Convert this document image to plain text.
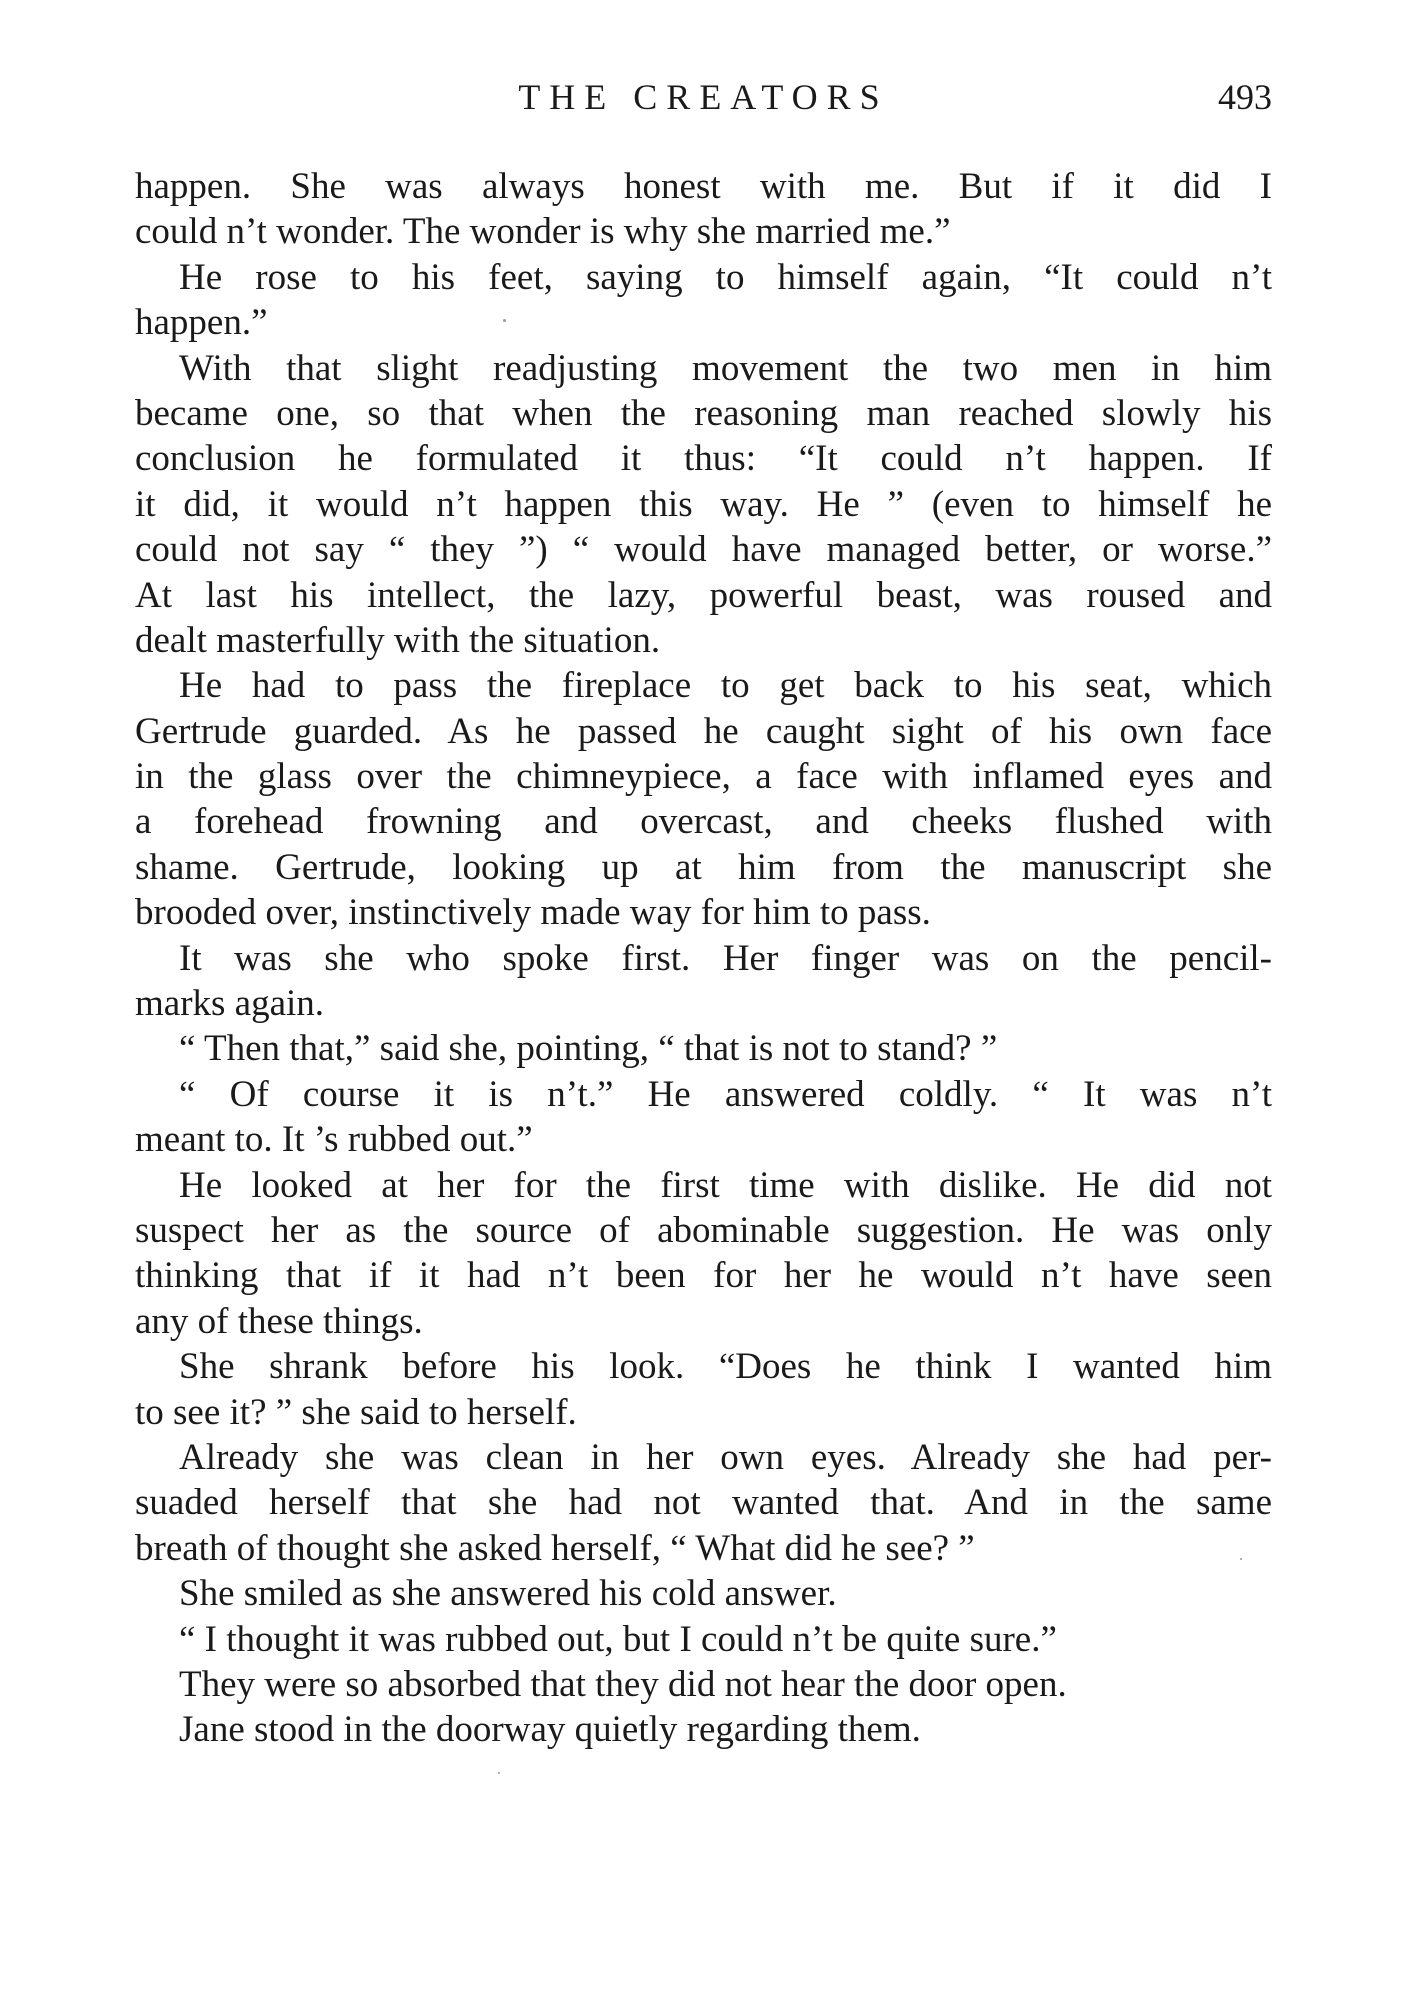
THE CREATORS	493
happen. She was always honest with me. But if it did I
could n’t wonder. The wonder is why she married me.”
He rose to his feet, saying to himself again, “It could n’t
happen.”
With that slight readjusting movement the two men in him
became one, so that when the reasoning man reached slowly his
conclusion he formulated it thus: “It could n’t happen. If
it did, it would n’t happen this way. He ” (even to himself he
could not say “ they ”) “ would have managed better, or worse.”
At last his intellect, the lazy, powerful beast, was roused and
dealt masterfully with the situation.
He had to pass the fireplace to get back to his seat, which
Gertrude guarded. As he passed he caught sight of his own face
in the glass over the chimneypiece, a face with inflamed eyes and
a forehead frowning and overcast, and cheeks flushed with
shame. Gertrude, looking up at him from the manuscript she
brooded over, instinctively made way for him to pass.
It was she who spoke first. Her finger was on the pencil-
marks again.
“ Then that,” said she, pointing, “ that is not to stand? ”
“ Of course it is n’t.” He answered coldly. “ It was n’t
meant to. It ’s rubbed out.”
He looked at her for the first time with dislike. He did not
suspect her as the source of abominable suggestion. He was only
thinking that if it had n’t been for her he would n’t have seen
any of these things.
She shrank before his look. “Does he think I wanted him
to see it? ” she said to herself.
Already she was clean in her own eyes. Already she had per-
suaded herself that she had not wanted that. And in the same
breath of thought she asked herself, “ What did he see? ”
She smiled as she answered his cold answer.
“ I thought it was rubbed out, but I could n’t be quite sure.”
They were so absorbed that they did not hear the door open.
Jane stood in the doorway quietly regarding them.
